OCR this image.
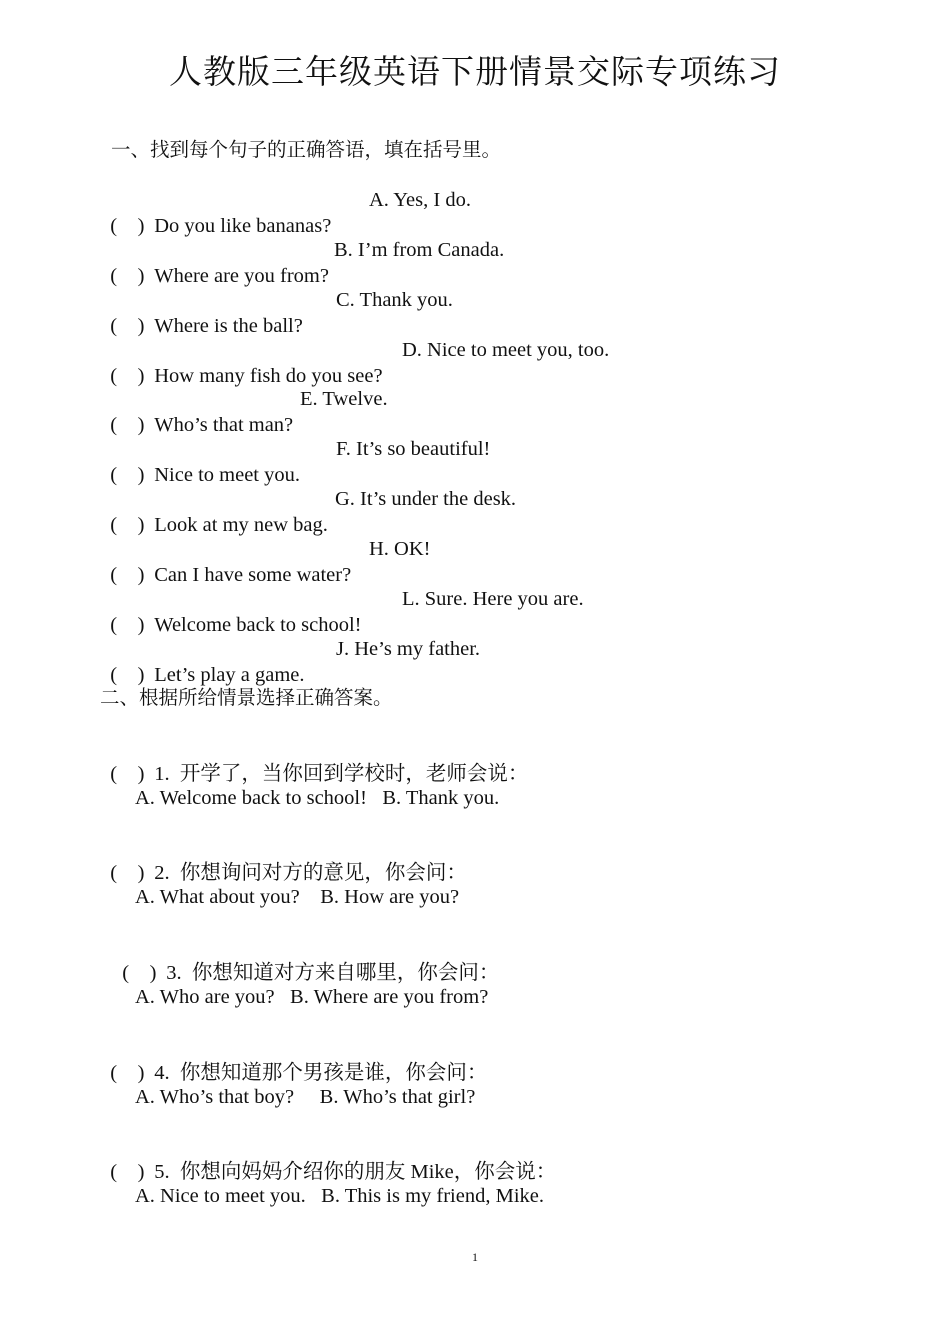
人教版三年级英语下册情景交际专项练习
一、找到每个句子的正确答语，填在括号里。

(    ) Do you like bananas?

A. Yes, I do.

(    ) Where are you from?

B. I’m from Canada.

(    ) Where is the ball?

C. Thank you.

(    ) How many fish do you see?

D. Nice to meet you, too.

(    ) Who’s that man?

E. Twelve.

(    ) Nice to meet you.

F. It’s so beautiful!

(    ) Look at my new bag.

G. It’s under the desk.

(    ) Can I have some water?

H. OK!

(    ) Welcome back to school!

L. Sure. Here you are.

(    ) Let’s play a game.

J. He’s my father.
二、根据所给情景选择正确答案。

(    ) 1.  开学了，当你回到学校时，老师会说：

A. Welcome back to school!   B. Thank you.

(    ) 2.  你想询问对方的意见，你会问：

A. What about you?    B. How are you?

(    ) 3.  你想知道对方来自哪里，你会问：

A. Who are you?   B. Where are you from?

(    ) 4.  你想知道那个男孩是谁，你会问：

A. Who’s that boy?     B. Who’s that girl?

(    ) 5.  你想向妈妈介绍你的朋友 Mike，你会说：

A. Nice to meet you.   B. This is my friend, Mike.
1
